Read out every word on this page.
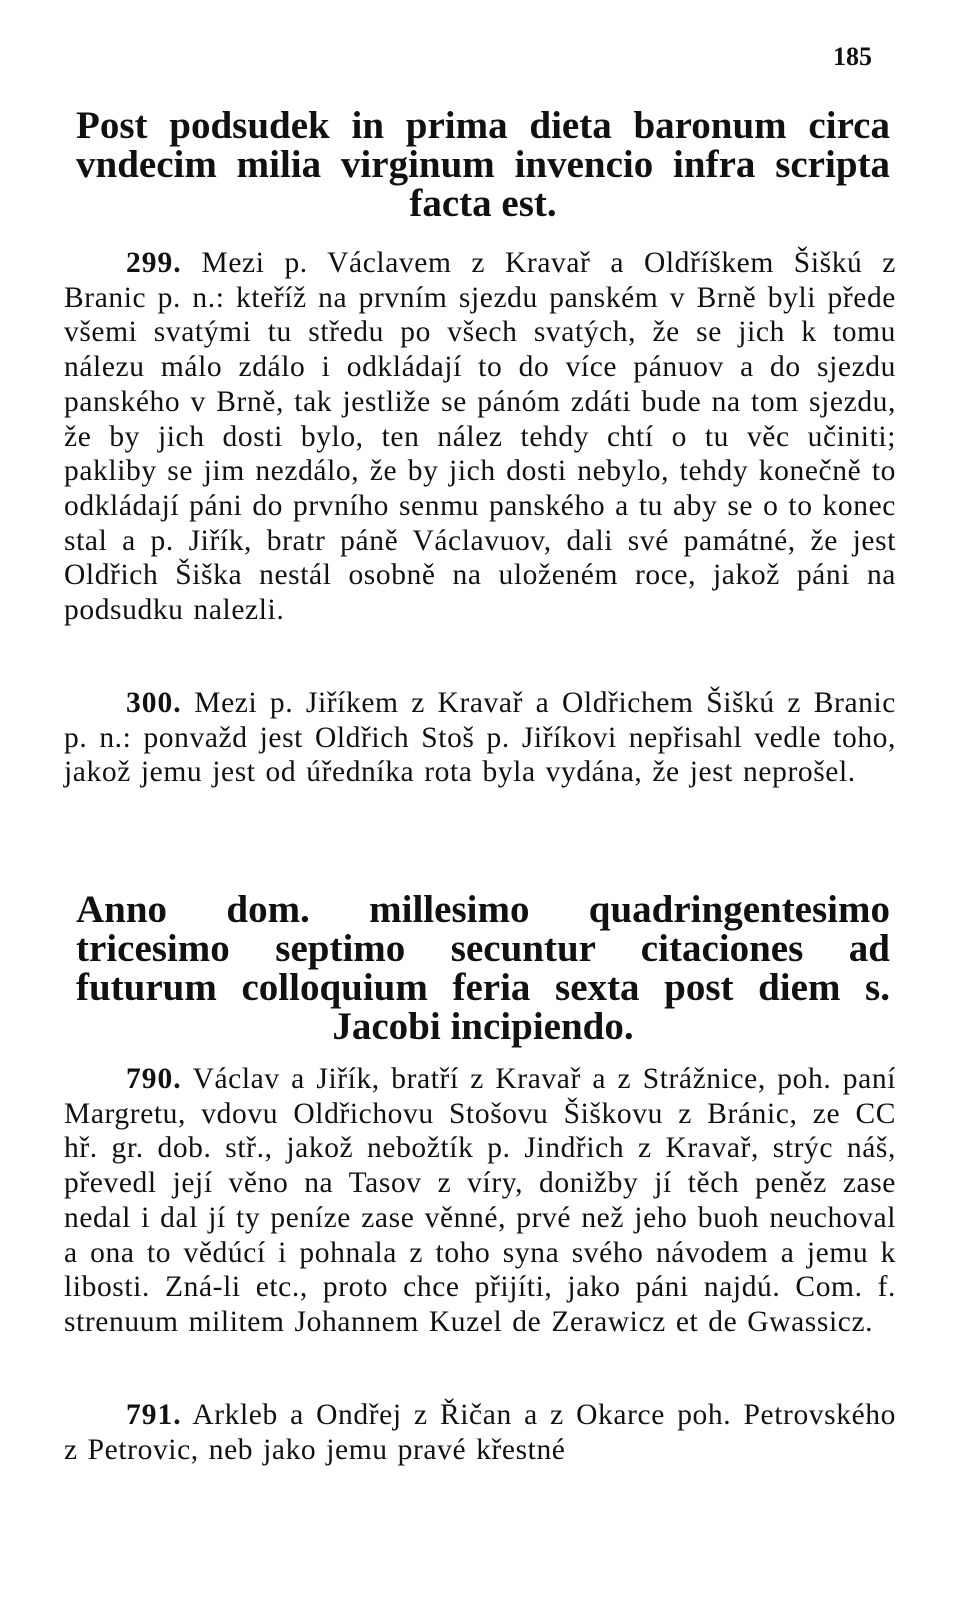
185
Post podsudek in prima dieta baronum circa vndecim milia virginum invencio infra scripta facta est.

299. Mezi p. Václavem z Kravař a Oldříškem Šiškú z Branic p. n.: kteříž na prvním sjezdu panském v Brně byli přede všemi svatými tu středu po všech svatých, že se jich k tomu nálezu málo zdálo i odkládají to do více pánuov a do sjezdu panského v Brně, tak jestliže se pánóm zdáti bude na tom sjezdu, že by jich dosti bylo, ten nález tehdy chtí o tu věc učiniti; pakliby se jim nezdálo, že by jich dosti nebylo, tehdy konečně to odkládají páni do prvního senmu panského a tu aby se o to konec stal a p. Jiřík, bratr páně Václavuov, dali své památné, že jest Oldřich Šiška nestál osobně na uloženém roce, jakož páni na podsudku nalezli.

300. Mezi p. Jiříkem z Kravař a Oldřichem Šiškú z Branic p. n.: ponvažd jest Oldřich Stoš p. Jiříkovi nepřisahl vedle toho, jakož jemu jest od úředníka rota byla vydána, že jest neprošel.

Anno dom. millesimo quadringentesimo tricesimo septimo secuntur citaciones ad futurum colloquium feria sexta post diem s. Jacobi incipiendo.

790. Václav a Jiřík, bratří z Kravař a z Strážnice, poh. paní Margretu, vdovu Oldřichovu Stošovu Šiškovu z Bránic, ze CC hř. gr. dob. stř., jakož nebožtík p. Jindřich z Kravař, strýc náš, převedl její věno na Tasov z víry, donižby jí těch peněz zase nedal i dal jí ty peníze zase věnné, prvé než jeho buoh neuchoval a ona to vědúcí i pohnala z toho syna svého návodem a jemu k libosti. Zná-li etc., proto chce přijíti, jako páni najdú. Com. f. strenuum militem Johannem Kuzel de Zerawicz et de Gwassicz.

791. Arkleb a Ondřej z Řičan a z Okarce poh. Petrovského z Petrovic, neb jako jemu pravé křestné
